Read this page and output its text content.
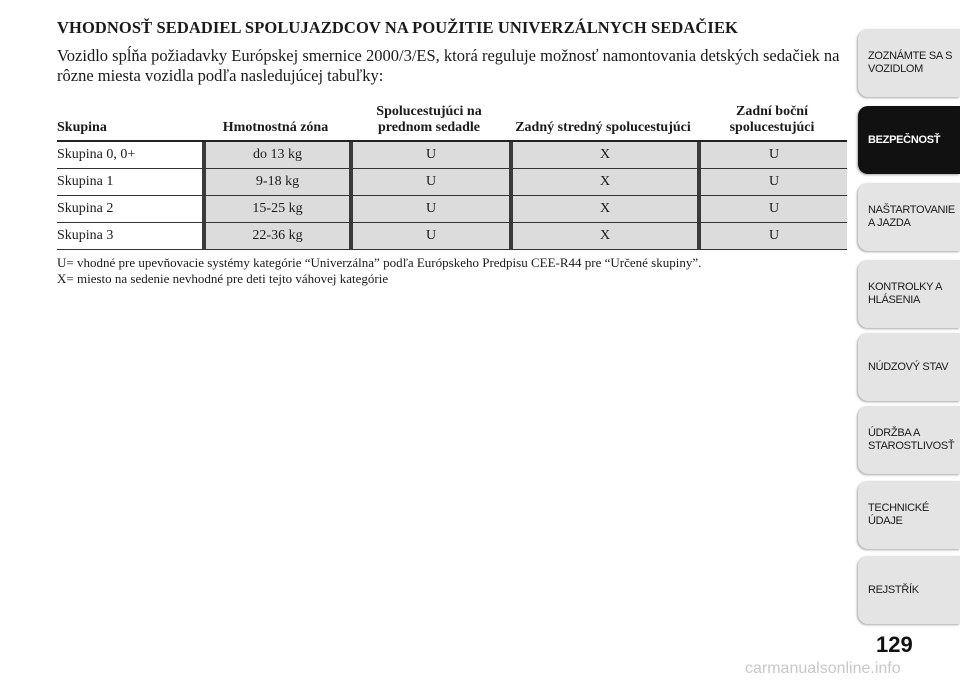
VHODNOSŤ SEDADIEL SPOLUJAZDCOV NA POUŽITIE UNIVERZÁLNYCH SEDAČIEK
Vozidlo spĺňa požiadavky Európskej smernice 2000/3/ES, ktorá reguluje možnosť namontovania detských sedačiek na rôzne miesta vozidla podľa nasledujúcej tabuľky:
Skupina	Hmotnostná zóna	Spolucestujúci na prednom sedadle	Zadný stredný spolucestujúci	Zadní boční spolucestujúci
Skupina 0, 0+	do 13 kg	U	X	U
Skupina 1	9-18 kg	U	X	U
Skupina 2	15-25 kg	U	X	U
Skupina 3	22-36 kg	U	X	U
U= vhodné pre upevňovacie systémy kategórie “Univerzálna” podľa Európskeho Predpisu CEE-R44 pre “Určené skupiny”.
X= miesto na sedenie nevhodné pre deti tejto váhovej kategórie
ZOZNÁMTE SA S VOZIDLOM
BEZPEČNOSŤ
NAŠTARTOVANIE A JAZDA
KONTROLKY A HLÁSENIA
NÚDZOVÝ STAV
ÚDRŽBA A STAROSTLIVOSŤ
TECHNICKÉ ÚDAJE
REJSTŘÍK
129
carmanualsonline.info
